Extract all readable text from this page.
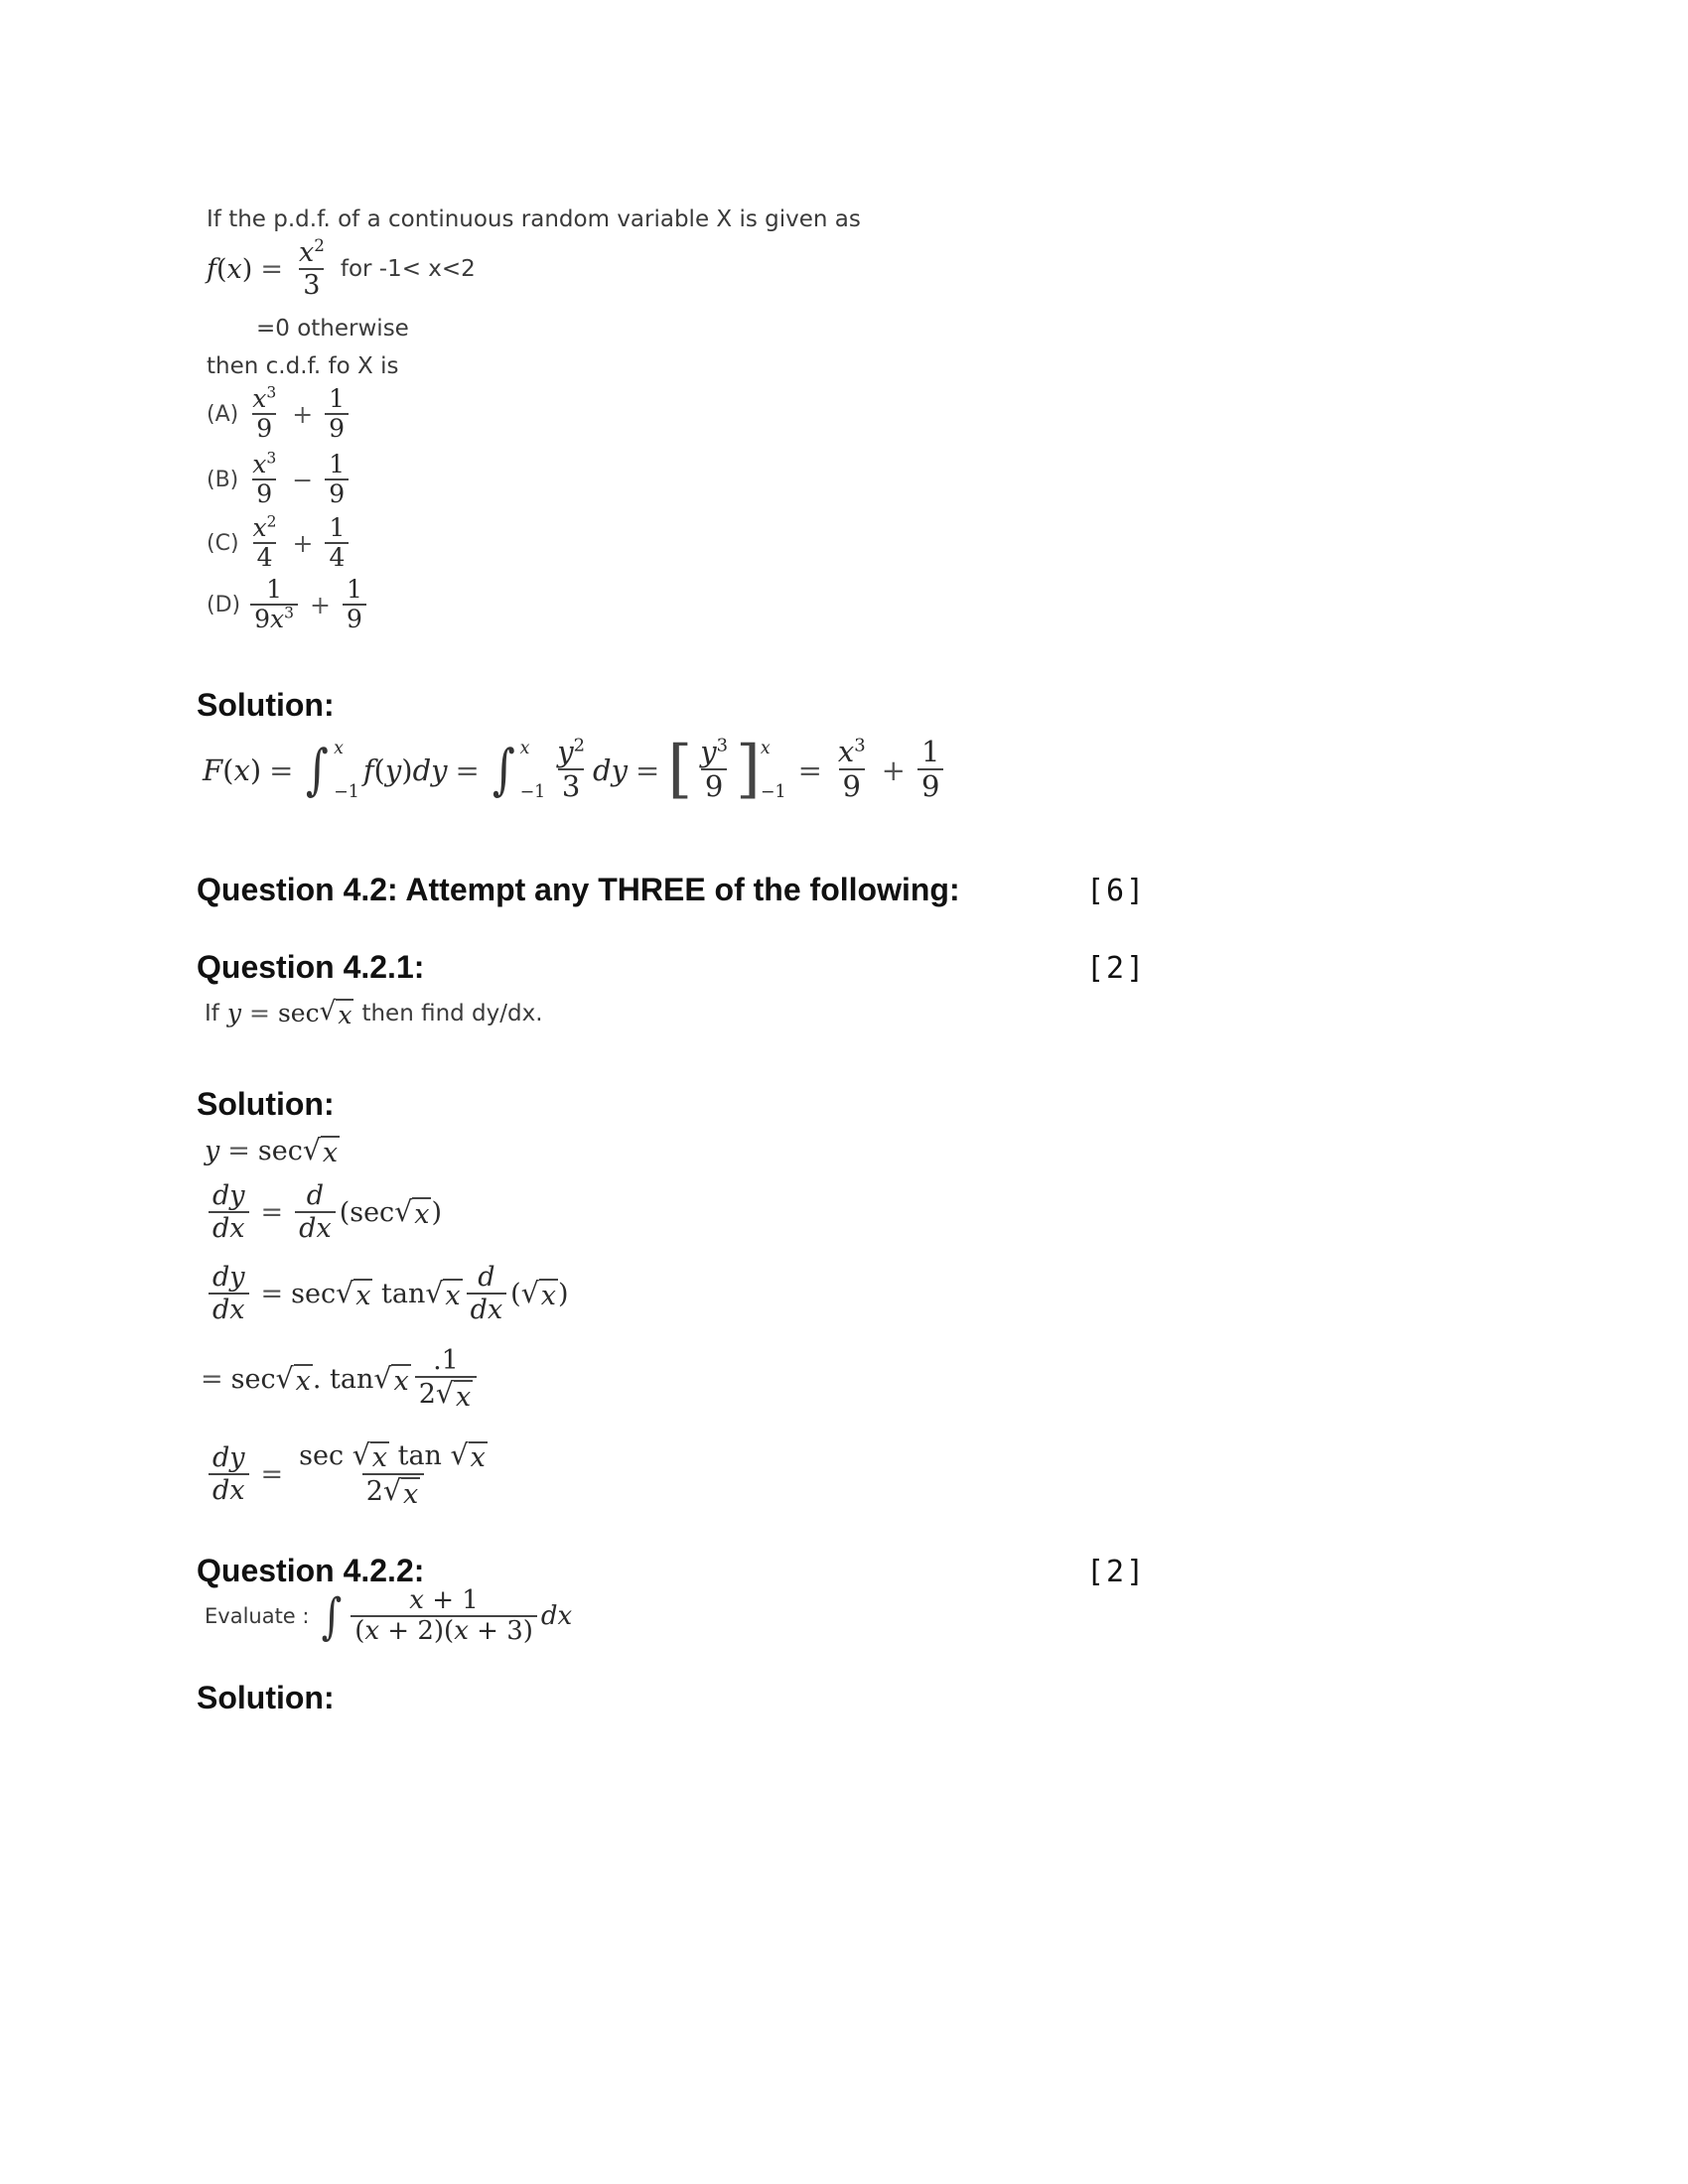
If the p.d.f. of a continuous random variable X is given as
f ( x ) = $\frac{x^2}{3}$ for -1< x<2
=0 otherwise
then c.d.f. fo X is
$(A) \frac{x^3}{9} + \frac{1}{9}$
$(B) \frac{x^3}{9} - \frac{1}{9}$
$(C) \frac{x^2}{4} + \frac{1}{4}$
$(D) \frac{1}{9x^3} + \frac{1}{9}$
Solution:
F ( x ) = ∫ x
−1
f ( y ) dy = ∫ x
$-1 \frac{y^2}{3}$ dy = [ $\frac{y^3}{9}$ ] x
−1
= $\frac{x^3}{9} + \frac{1}{9}$
Question 4.2: Attempt any THREE of the following:	[6]
Question 4.2.1:	[2]
If y = sec √ x then find dy/dx.
Solution:
y = sec √ x
$\frac{dy}{dx} = \frac{d}{dx} (\sec$ √ x )
$\frac{dy}{dx} = \sec$ √ x tan √ x $\frac{d}{dx}$ ( √ x )
= sec √ x . tan √ x $\frac{.1}{2 √ x}$
$\frac{dy}{dx} = \frac{\text{sec √ x tan √ x}}{2 √ x}$
Question 4.2.2:	[2]
Evaluate : ∫ $\frac{x + 1}{(x + 2)(x + 3)}$ dx
Solution:
